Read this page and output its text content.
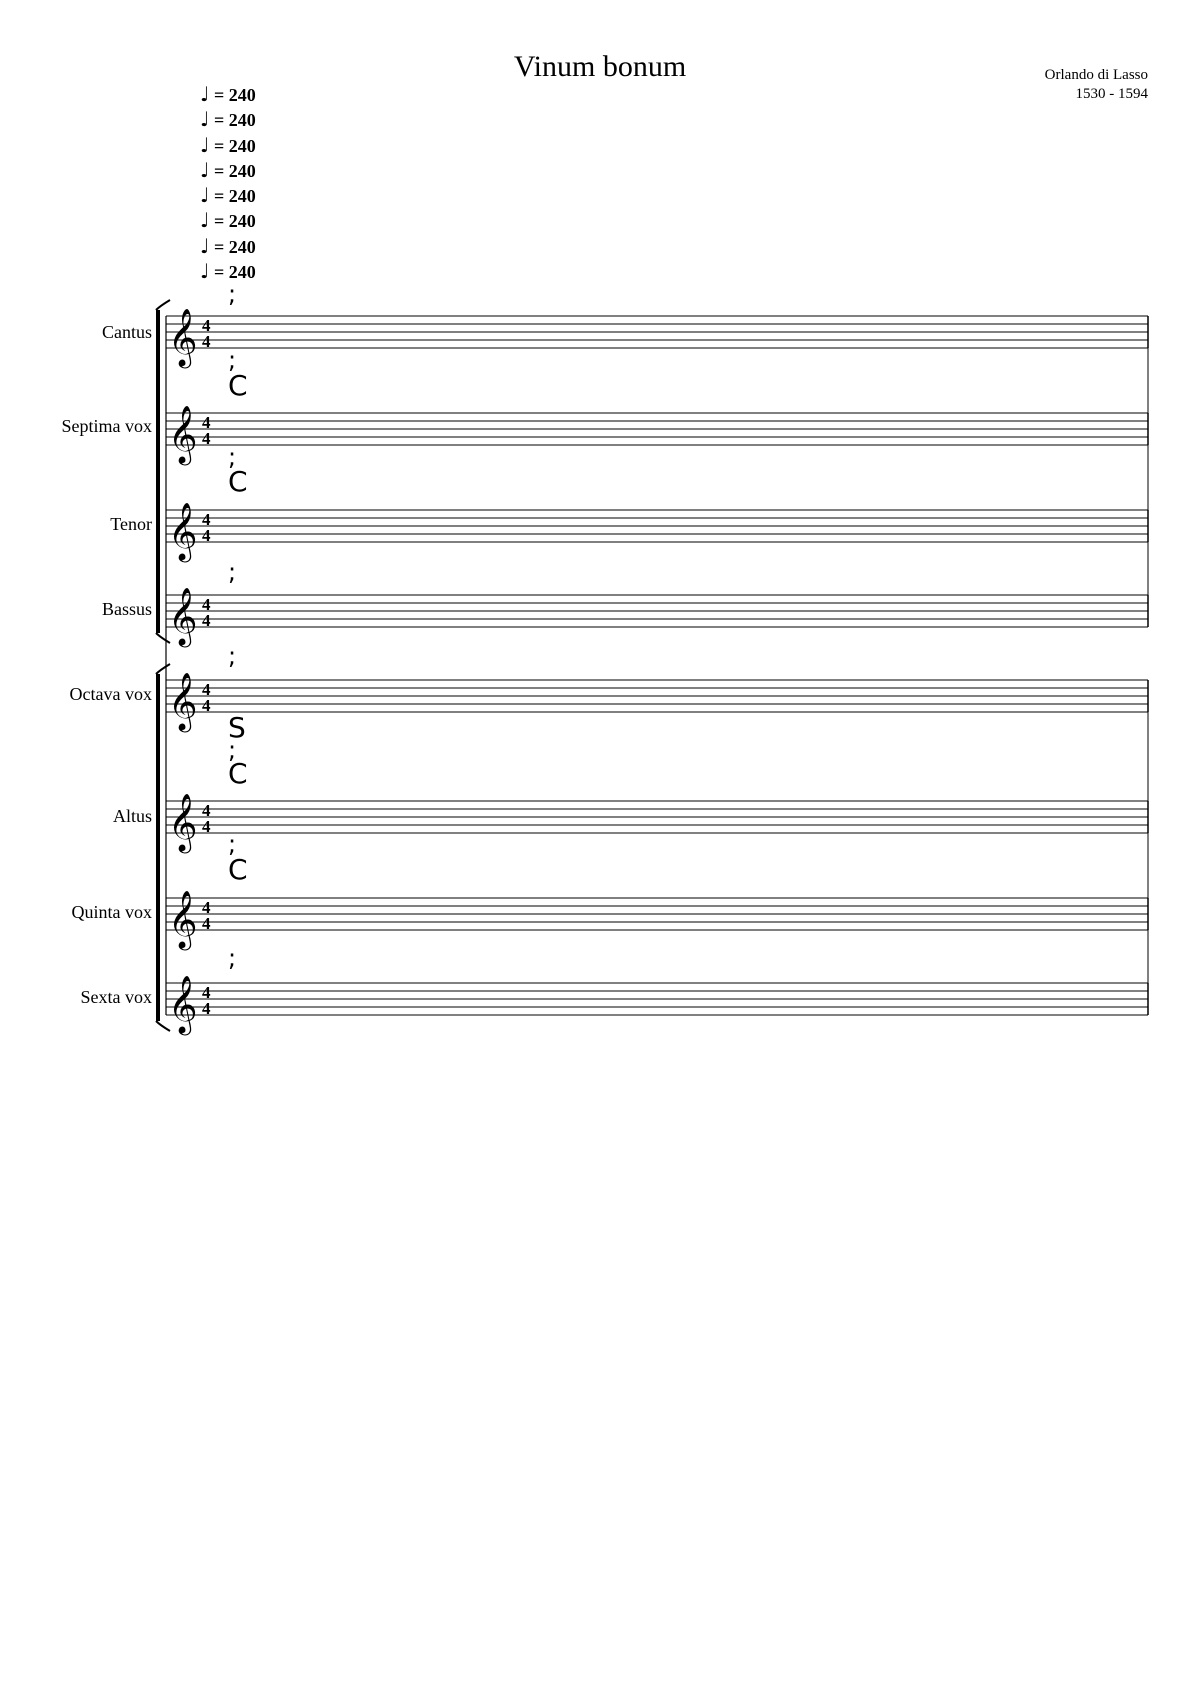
Vinum bonum	Orlando di Lasso
1530 - 1594
♩ = 240
♩ = 240
♩ = 240
♩ = 240
♩ = 240
♩ = 240
♩ = 240
♩ = 240
Cantus
Septima vox
Tenor
Bassus
Octava vox
Altus
Quinta vox
Sexta vox
;
;
C
;
C
;
;
S
;
C
;
C
;
𝄞 4
4
𝄞 4
4
𝄞 4
4
𝄞 4
4
𝄞 4
4
𝄞 4
4
𝄞 4
4
𝄞 4
4
